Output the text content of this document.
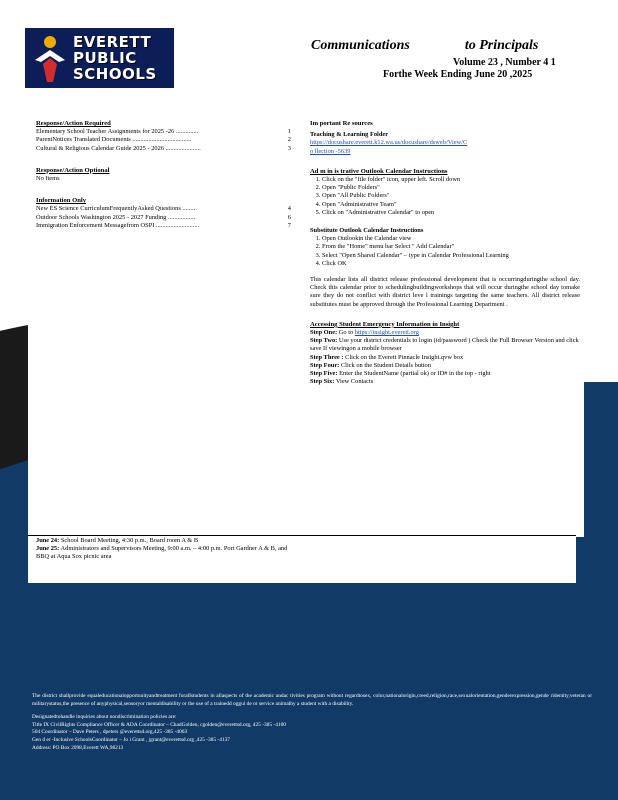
EVERETT
PUBLIC
SCHOOLS
Communications	to Principals
Volume 23 , Number 4 1
Forthe Week Ending June 20 ,2025
Response/Action Required
Elementary School Teacher Assignments for 2025 -26 ..............	1
ParentNotices Translated Documents .....................................	2
Cultural & Religious Calendar Guide 2025 - 2026 ......................	3
Response/Action Optional
No Items
Information Only
New ES Science CurriculumFrequentlyAsked Questions .........	4
Outdoor Schools Washington 2025 - 2027 Funding .................	6
Immigration Enforcement Messagefrom OSPI ...........................	7
Im portant Re sources
Teaching & Learning Folder
https://docushare.everett.k12.wa.us/docushare/dsweb/View/Co llection -5639
Ad m in is trative Outlook Calendar Instructions
1. Click on the "file folder" icon, upper left. Scroll down
2. Open "Public Folders"
3. Open "All Public Folders"
4. Open "Administrative Team"
5. Click on "Administrative Calendar" to open
Substitute Outlook Calendar Instructions
1. Open Outlookin the Calendar view
2. From the "Home" menu bar Select " Add Calendar"
3. Select "Open Shared Calendar" – type in Calendar Professional Learning
4. Click OK
This calendar lists all district release professional development that is occurringduringthe school day. Check this calendar prior to schedulingbuildingworkshops that will occur duringthe school day tomake sure they do not conflict with district leve l trainings targeting the same teachers. All district release substitutes must be approved through the Professional Learning Department .
Accessing Student Emergency Information in Insight
Step One: Go to https://insight.everett.org
Step Two: Use your district credentials to login (id/password ) Check the Full Browser Version and click save If viewingon a mobile browser
Step Three : Click on the Everett Pinnacle Insight.qvw box
Step Four: Click on the Student Details button
Step Five: Enter the StudentName (partial ok) or ID# in the top - right
Step Six: View Contacts
June 24: School Board Meeting, 4:30 p.m., Board room A & B
June 25: Administrators and Supervisors Meeting, 9:00 a.m. – 4:00 p.m. Port Gardner A & B, and BBQ at Aqua Sox picnic area
The district shallprovide equaleducationalopportunityandtreatment foralIstudents in allaspects of the academic andac tivities program without regardtosex, color,nationalorigin,creed,religion,race,sexualorientation,genderexpression,gende ridentity,veteran or militarystatus,the presence of anyphysical,sensoryor mentaldisability or the use of a trainedd oggui de or service animalby a student with a disability.
Designatedtohandle inquiries about nondiscrimination policies are:
Title IX CivilRights Compliance Officer & ADA Coordinator – ChadGolden, cgolden@everettsd.org, 425 -385 -4100
504 Coordinator – Dave Peters , dpeters @everettsd.org,425 -385 -4063
Gen d er -Inclusive SchoolsCoordinator – Jo i Grant , jgrant@everettsd.org ,425 -385 -4137
Address: PO Box 2098,Everett WA,98213
